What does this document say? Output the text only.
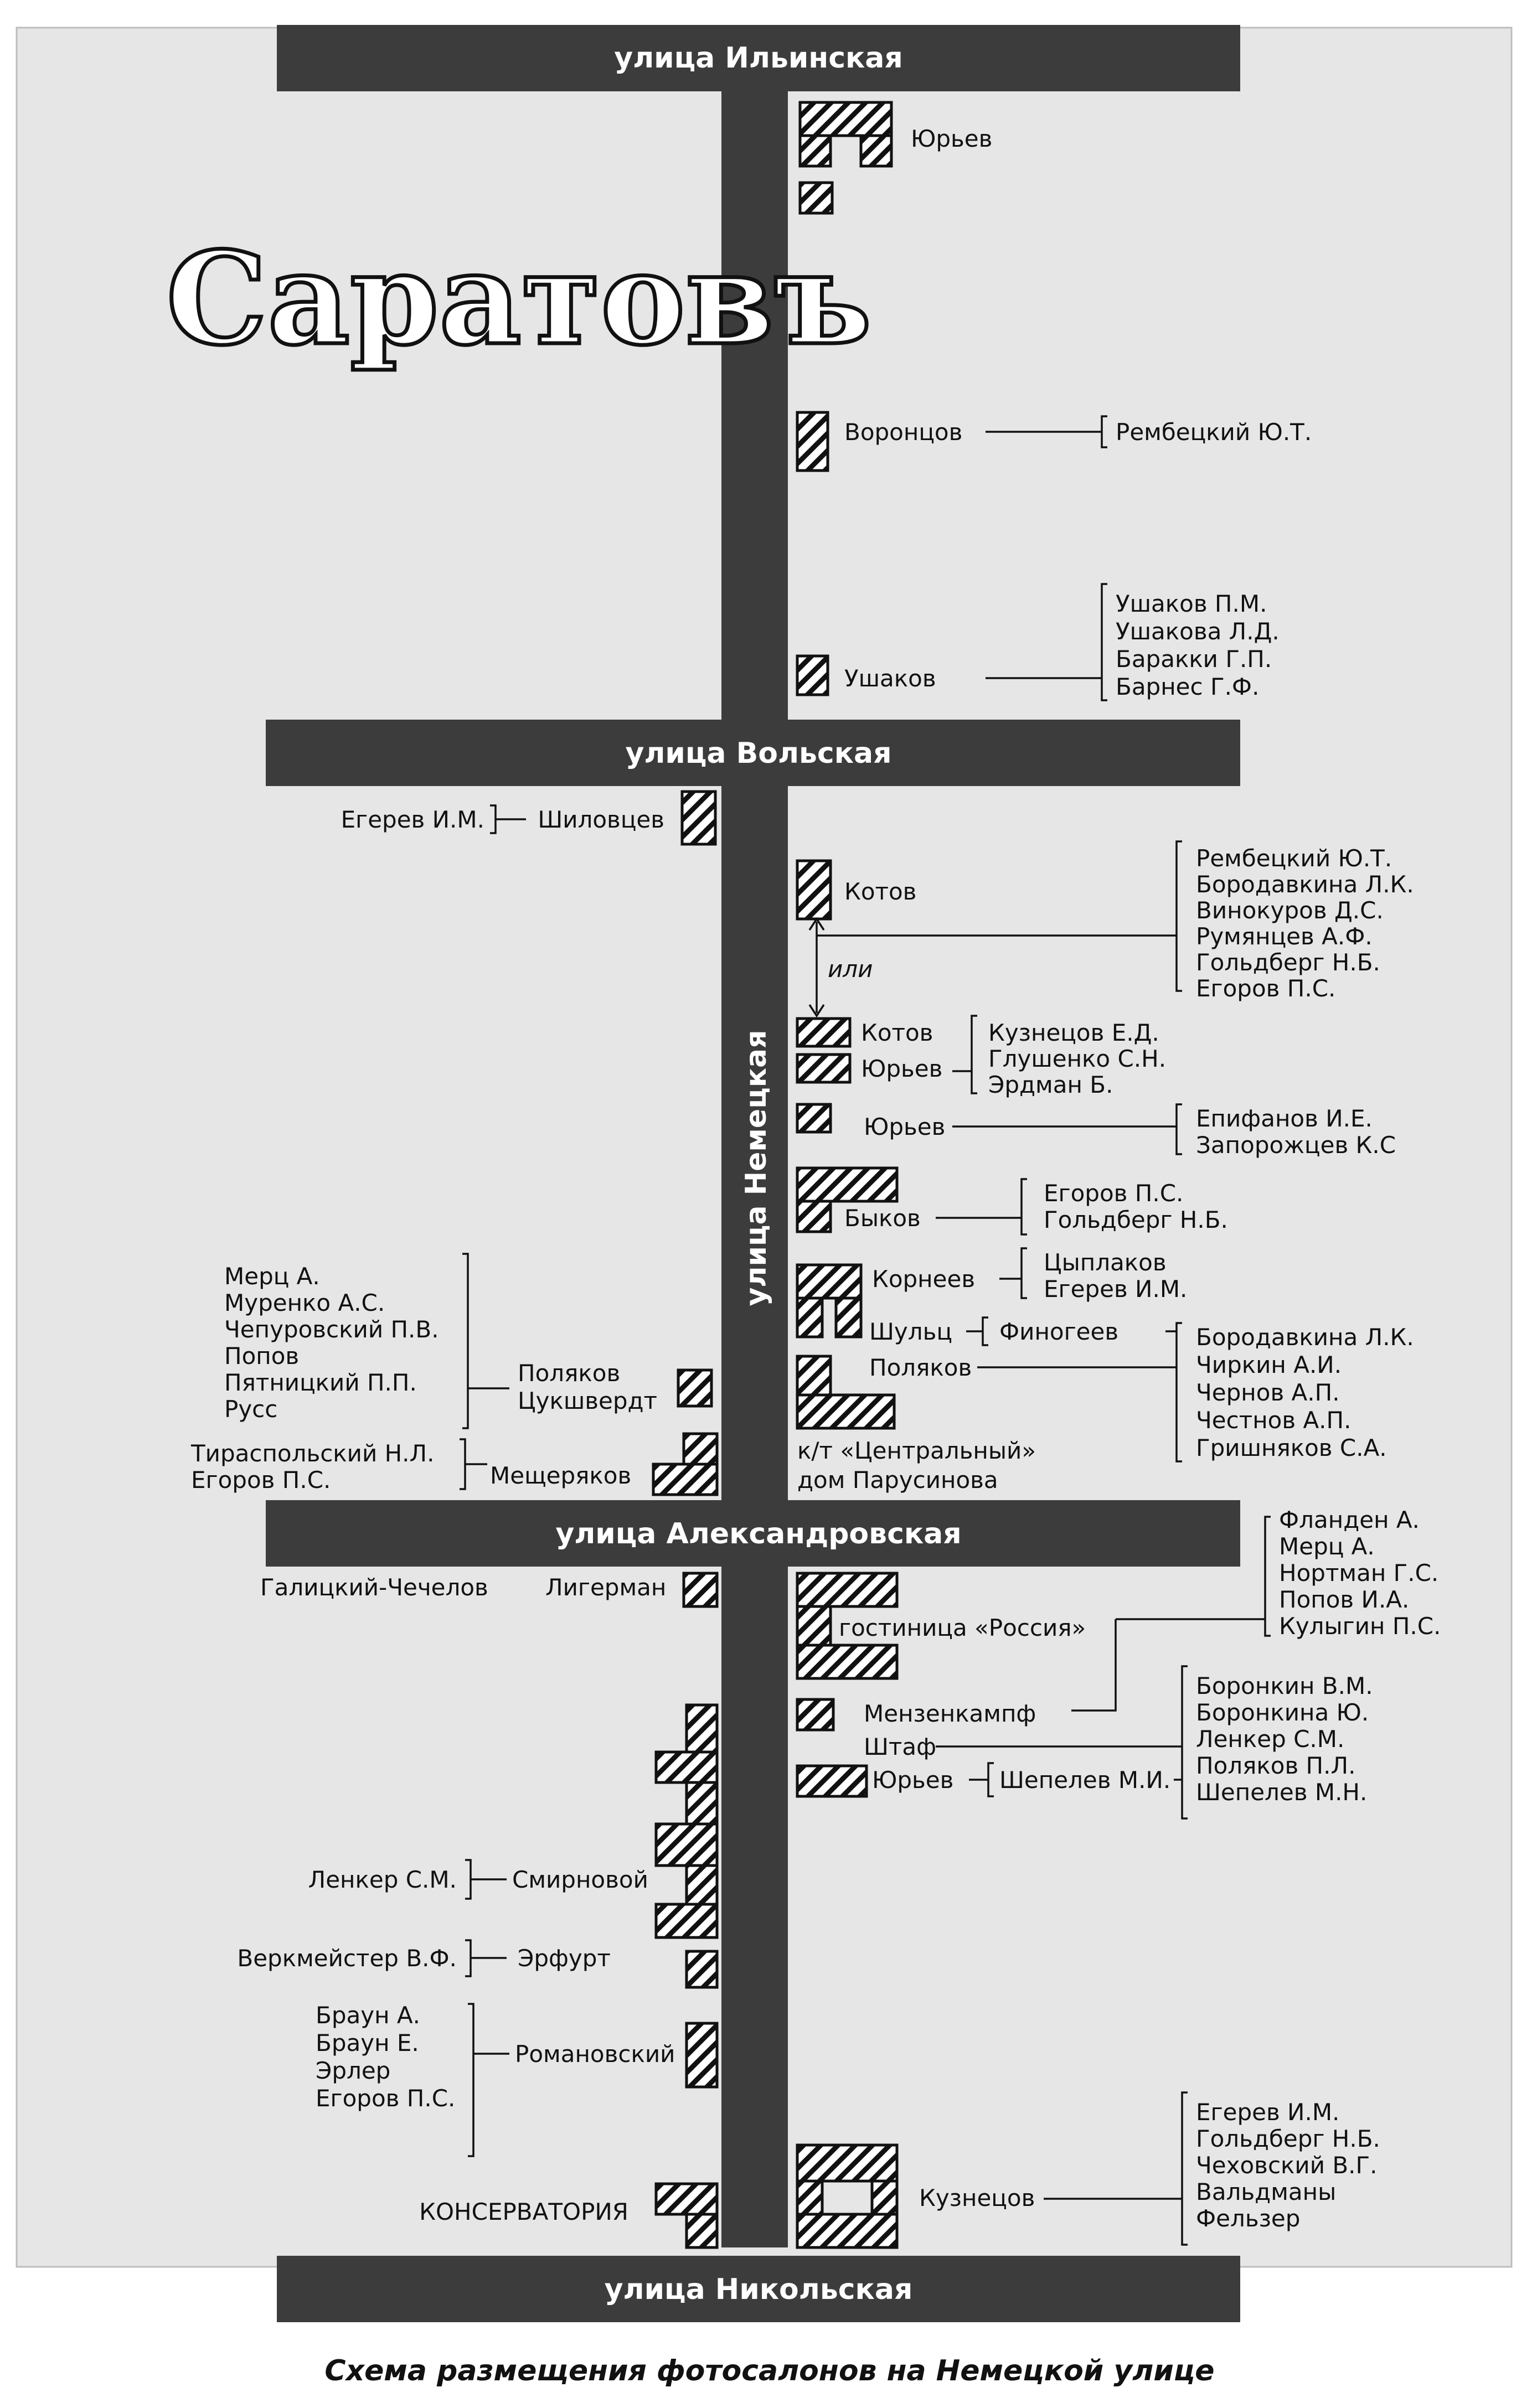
улица Ильинская
улица Вольская
улица Александровская
улица Никольская
улица Немецкая
Саратовъ
Юрьев
Воронцов	Рембецкий Ю.Т.
Ушаков
Ушаков П.М.
Ушакова Л.Д.
Баракки Г.П.
Барнес Г.Ф.
Егерев И.М. Шиловцев
Котов
или
Рембецкий Ю.Т.
Бородавкина Л.К.
Винокуров Д.С.
Румянцев А.Ф.
Гольдберг Н.Б.
Егоров П.С.
Котов
Юрьев
Кузнецов Е.Д.
Глушенко С.Н.
Эрдман Б.
Юрьев	Епифанов И.Е.
Запорожцев К.С
Быков
Егоров П.С.
Гольдберг Н.Б.
Корнеев
Цыплаков
Егерев И.М.
Шульц Финогеев
Поляков
Бородавкина Л.К.
Чиркин А.И.
Чернов А.П.
Честнов А.П.
Гришняков С.А.
к/т «Центральный»
дом Парусинова
Мерц А.
Муренко А.С.
Чепуровский П.В.
Попов
Пятницкий П.П.
Русс
Поляков
Цукшвердт
Тираспольский Н.Л.
Егоров П.С.	Мещеряков
Фланден А.
Мерц А.
Нортман Г.С.
Попов И.А.
Кулыгин П.С.
Галицкий-Чечелов Лигерман
гостиница «Россия»
Мензенкампф
Штаф
Юрьев Шепелев М.И.
Боронкин В.М.
Боронкина Ю.
Ленкер С.М.
Поляков П.Л.
Шепелев М.Н.
Ленкер С.М. Смирновой
Веркмейстер В.Ф.	Эрфурт
Браун А.
Браун Е.
Эрлер
Егоров П.С.
Романовский
Егерев И.М.
Гольдберг Н.Б.
Чеховский В.Г.
Вальдманы
Фельзер
Кузнецов
КОНСЕРВАТОРИЯ
Схема размещения фотосалонов на Немецкой улице
